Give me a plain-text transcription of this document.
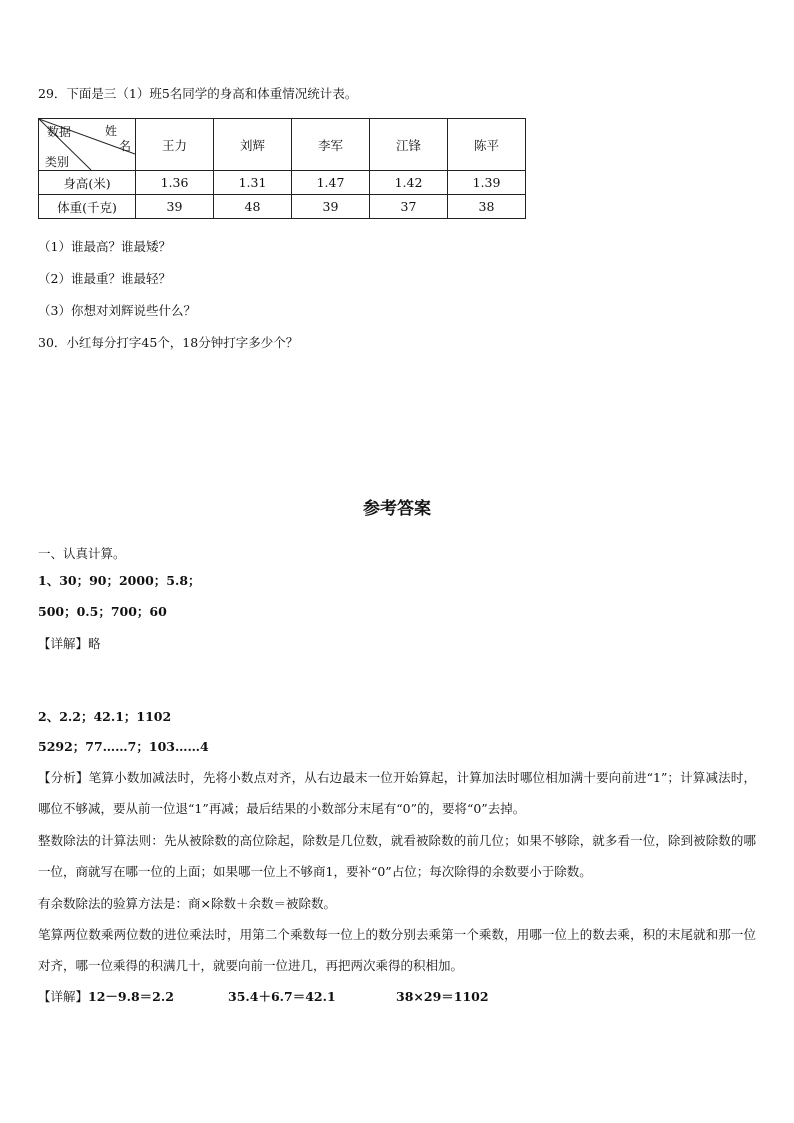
29．下面是三（1）班5名同学的身高和体重情况统计表。
数据 姓
名
类别	王力	刘辉	李军	江锋	陈平
身高(米)	1.36	1.31	1.47	1.42	1.39
体重(千克)	39	48	39	37	38
（1）谁最高？谁最矮？
（2）谁最重？谁最轻？
（3）你想对刘辉说些什么？
30．小红每分打字45个，18分钟打字多少个？
参考答案
一、认真计算。
1、30；90；2000；5.8；
500；0.5；700；60
【详解】略
2、2.2；42.1；1102
5292；77……7；103……4
【分析】笔算小数加减法时，先将小数点对齐，从右边最末一位开始算起，计算加法时哪位相加满十要向前进“1”；计算减法时，哪位不够减，要从前一位退“1”再减；最后结果的小数部分末尾有“0”的，要将“0”去掉。
整数除法的计算法则：先从被除数的高位除起，除数是几位数，就看被除数的前几位；如果不够除，就多看一位，除到被除数的哪一位，商就写在哪一位的上面；如果哪一位上不够商1，要补“0”占位；每次除得的余数要小于除数。
有余数除法的验算方法是：商×除数＋余数＝被除数。
笔算两位数乘两位数的进位乘法时，用第二个乘数每一位上的数分别去乘第一个乘数，用哪一位上的数去乘，积的末尾就和那一位对齐，哪一位乘得的积满几十，就要向前一位进几，再把两次乘得的积相加。
【详解】12－9.8＝2.2	35.4＋6.7＝42.1	38×29＝1102
